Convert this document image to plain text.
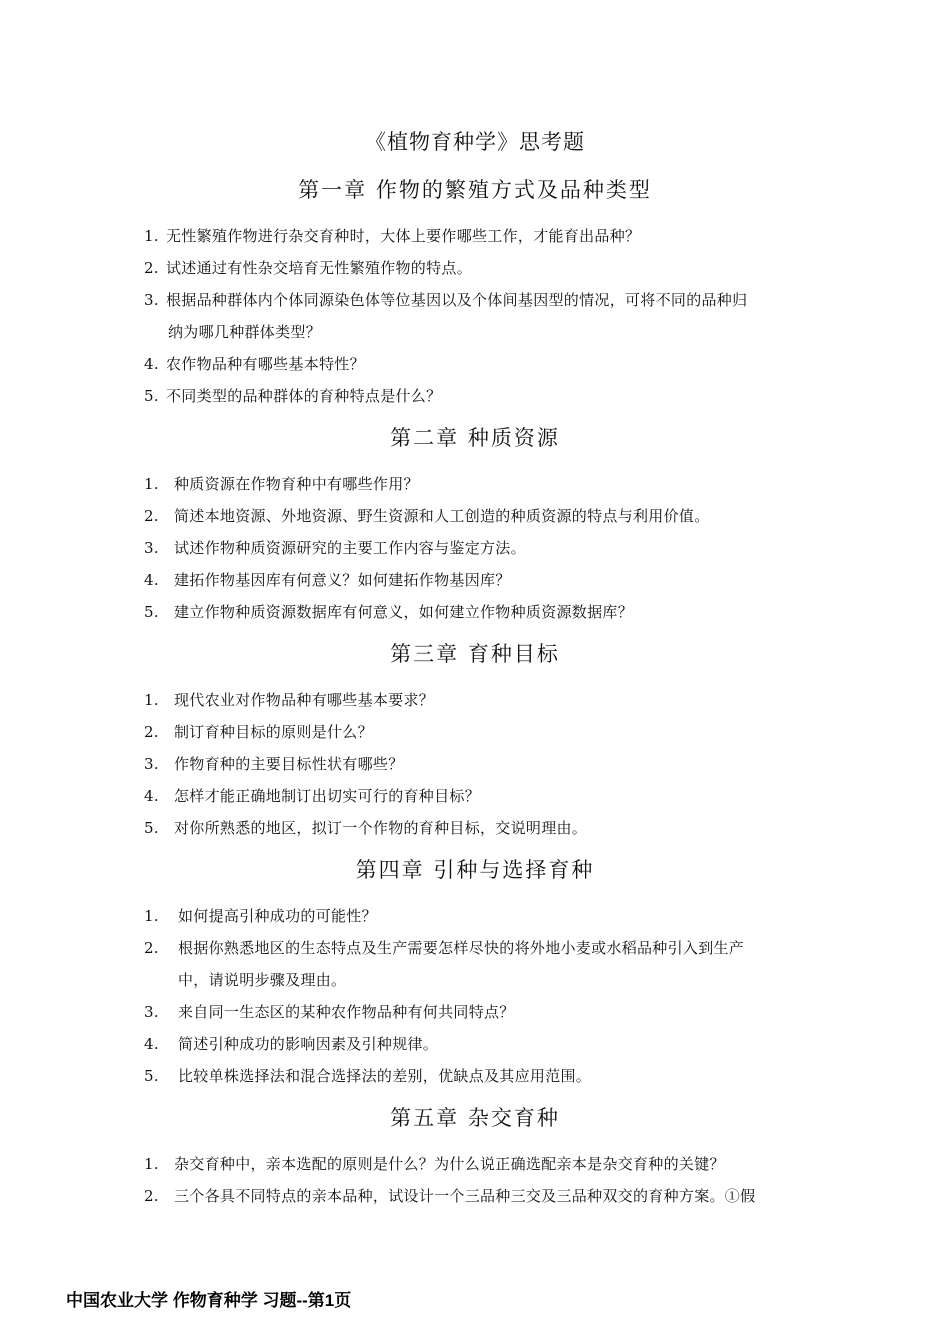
《植物育种学》思考题
第一章 作物的繁殖方式及品种类型
1. 无性繁殖作物进行杂交育种时，大体上要作哪些工作，才能育出品种？
2. 试述通过有性杂交培育无性繁殖作物的特点。
3. 根据品种群体内个体同源染色体等位基因以及个体间基因型的情况，可将不同的品种归
纳为哪几种群体类型？
4. 农作物品种有哪些基本特性？
5. 不同类型的品种群体的育种特点是什么？
第二章 种质资源
1. 种质资源在作物育种中有哪些作用？
2. 简述本地资源、外地资源、野生资源和人工创造的种质资源的特点与利用价值。
3. 试述作物种质资源研究的主要工作内容与鉴定方法。
4. 建拓作物基因库有何意义？如何建拓作物基因库？
5. 建立作物种质资源数据库有何意义，如何建立作物种质资源数据库？
第三章 育种目标
1. 现代农业对作物品种有哪些基本要求？
2. 制订育种目标的原则是什么？
3. 作物育种的主要目标性状有哪些？
4. 怎样才能正确地制订出切实可行的育种目标？
5. 对你所熟悉的地区，拟订一个作物的育种目标，交说明理由。
第四章 引种与选择育种
1. 如何提高引种成功的可能性？
2. 根据你熟悉地区的生态特点及生产需要怎样尽快的将外地小麦或水稻品种引入到生产
中，请说明步骤及理由。
3. 来自同一生态区的某种农作物品种有何共同特点？
4. 简述引种成功的影响因素及引种规律。
5. 比较单株选择法和混合选择法的差别，优缺点及其应用范围。
第五章 杂交育种
1. 杂交育种中，亲本选配的原则是什么？为什么说正确选配亲本是杂交育种的关键？
2. 三个各具不同特点的亲本品种，试设计一个三品种三交及三品种双交的育种方案。①假
中国农业大学 作物育种学 习题--第1页
